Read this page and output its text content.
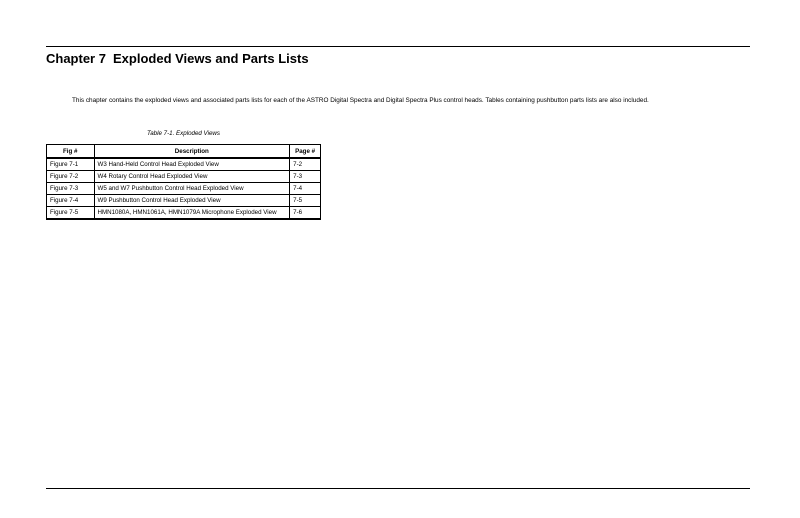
Chapter 7 Exploded Views and Parts Lists
This chapter contains the exploded views and associated parts lists for each of the ASTRO Digital Spectra and Digital Spectra Plus control heads. Tables containing pushbutton parts lists are also included.
Table 7-1. Exploded Views
Fig #	Description	Page #
Figure 7-1	W3 Hand-Held Control Head Exploded View	7-2
Figure 7-2	W4 Rotary Control Head Exploded View	7-3
Figure 7-3	W5 and W7 Pushbutton Control Head Exploded View	7-4
Figure 7-4	W9 Pushbutton Control Head Exploded View	7-5
Figure 7-5	HMN1080A, HMN1061A, HMN1079A Microphone Exploded View	7-6
